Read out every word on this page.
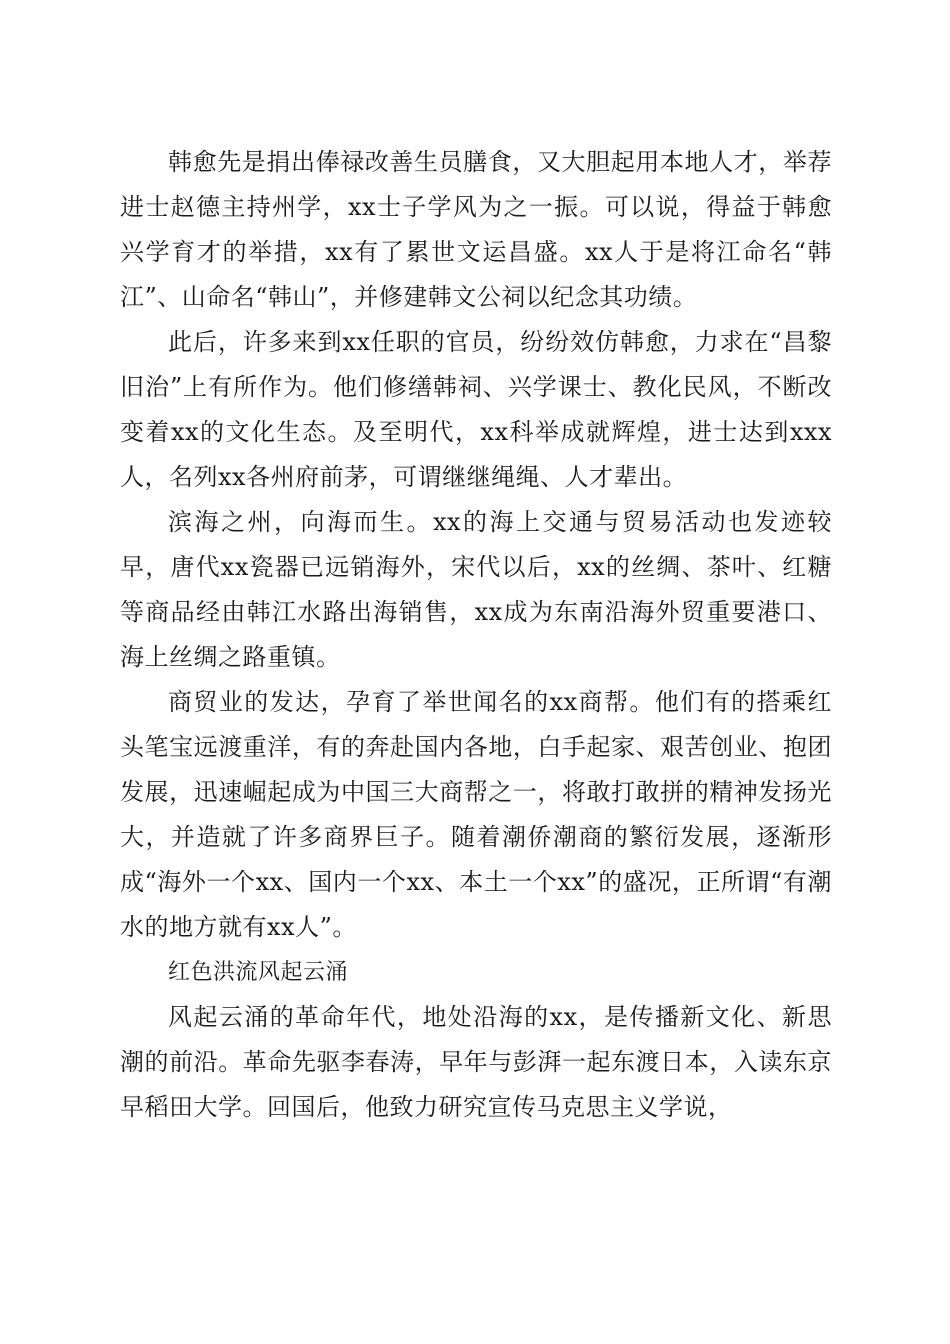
韩愈先是捐出俸禄改善生员膳食，又大胆起用本地人才，举荐进士赵德主持州学，xx士子学风为之一振。可以说，得益于韩愈兴学育才的举措，xx有了累世文运昌盛。xx人于是将江命名“韩江”、山命名“韩山”，并修建韩文公祠以纪念其功绩。

此后，许多来到xx任职的官员，纷纷效仿韩愈，力求在“昌黎旧治”上有所作为。他们修缮韩祠、兴学课士、教化民风，不断改变着xx的文化生态。及至明代，xx科举成就辉煌，进士达到xxx人，名列xx各州府前茅，可谓继继绳绳、人才辈出。

滨海之州，向海而生。xx的海上交通与贸易活动也发迹较早，唐代xx瓷器已远销海外，宋代以后，xx的丝绸、茶叶、红糖等商品经由韩江水路出海销售，xx成为东南沿海外贸重要港口、海上丝绸之路重镇。

商贸业的发达，孕育了举世闻名的xx商帮。他们有的搭乘红头笔宝远渡重洋，有的奔赴国内各地，白手起家、艰苦创业、抱团发展，迅速崛起成为中国三大商帮之一，将敢打敢拼的精神发扬光大，并造就了许多商界巨子。随着潮侨潮商的繁衍发展，逐渐形成“海外一个xx、国内一个xx、本土一个xx”的盛况，正所谓“有潮水的地方就有xx人”。

红色洪流风起云涌

风起云涌的革命年代，地处沿海的xx，是传播新文化、新思潮的前沿。革命先驱李春涛，早年与彭湃一起东渡日本，入读东京早稻田大学。回国后，他致力研究宣传马克思主义学说，
